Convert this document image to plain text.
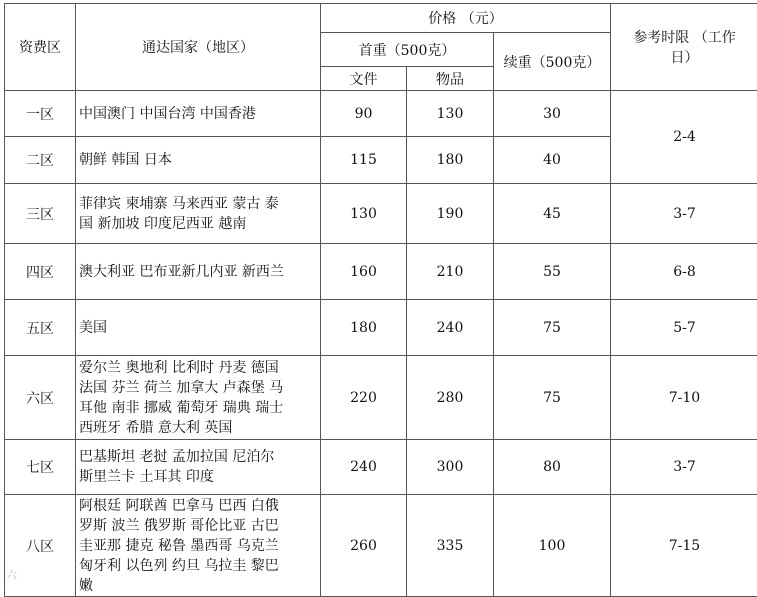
资费区	通达国家（地区）	价格 （元）			参考时限 （工作
日）

		首重（500克）		续重（500克）	
		文件	物品		
一区	中国澳门 中国台湾 中国香港	90	130	30	2-4
二区	朝鲜 韩国 日本	115	180	40	
三区	菲律宾 柬埔寨 马来西亚 蒙古 泰
国 新加坡 印度尼西亚 越南	130	190	45	3-7
四区	澳大利亚 巴布亚新几内亚 新西兰	160	210	55	6-8
五区	美国	180	240	75	5-7
六区	爱尔兰 奥地利 比利时 丹麦 德国
法国 芬兰 荷兰 加拿大 卢森堡 马
耳他 南非 挪威 葡萄牙 瑞典 瑞士
西班牙 希腊 意大利 英国	220	280	75	7-10
七区	巴基斯坦 老挝 孟加拉国 尼泊尔
斯里兰卡 土耳其 印度	240	300	80	3-7
八区	阿根廷 阿联酋 巴拿马 巴西 白俄
罗斯 波兰 俄罗斯 哥伦比亚 古巴
圭亚那 捷克 秘鲁 墨西哥 乌克兰
匈牙利 以色列 约旦 乌拉圭 黎巴
嫩	260	335	100	7-15
六
